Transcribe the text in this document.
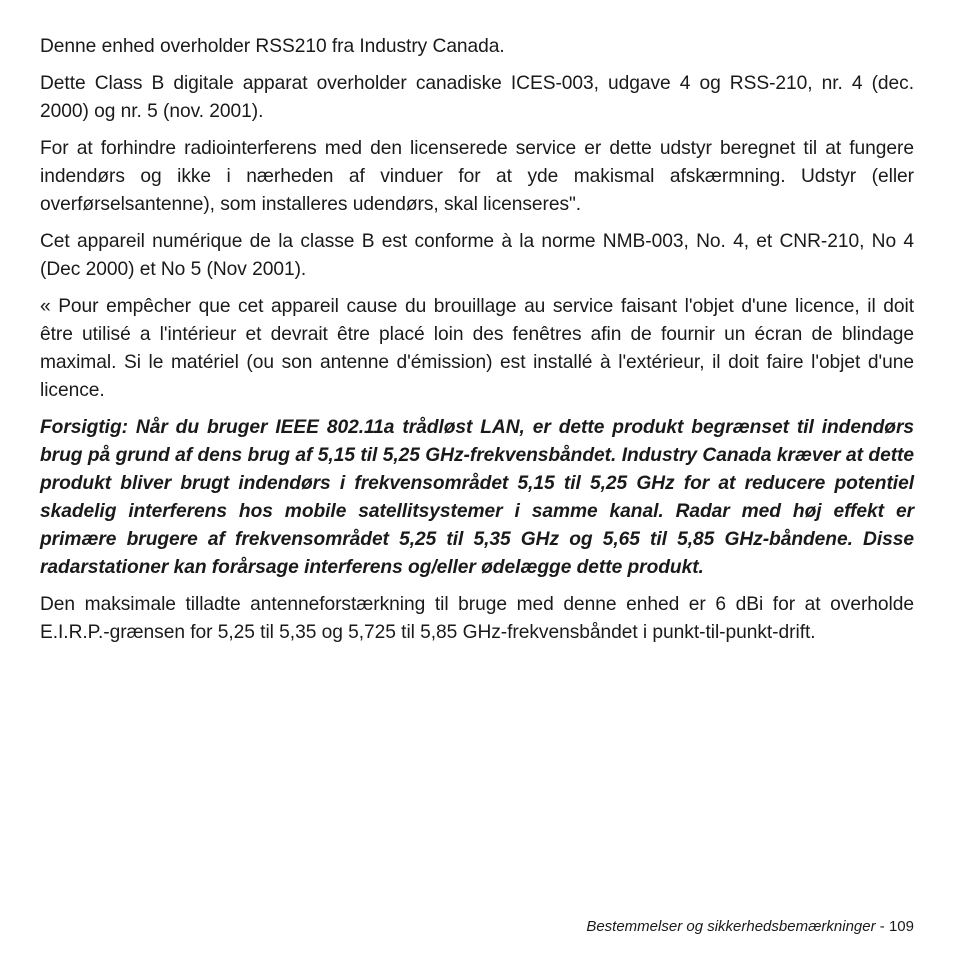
Denne enhed overholder RSS210 fra Industry Canada.

Dette Class B digitale apparat overholder canadiske ICES-003, udgave 4 og RSS-210, nr. 4 (dec. 2000) og nr. 5 (nov. 2001).

For at forhindre radiointerferens med den licenserede service er dette udstyr beregnet til at fungere indendørs og ikke i nærheden af vinduer for at yde makismal afskærmning. Udstyr (eller overførselsantenne), som installeres udendørs, skal licenseres".

Cet appareil numérique de la classe B est conforme à la norme NMB-003, No. 4, et CNR-210, No 4 (Dec 2000) et No 5 (Nov 2001).

« Pour empêcher que cet appareil cause du brouillage au service faisant l'objet d'une licence, il doit être utilisé a l'intérieur et devrait être placé loin des fenêtres afin de fournir un écran de blindage maximal. Si le matériel (ou son antenne d'émission) est installé à l'extérieur, il doit faire l'objet d'une licence.

Forsigtig: Når du bruger IEEE 802.11a trådløst LAN, er dette produkt begrænset til indendørs brug på grund af dens brug af 5,15 til 5,25 GHz-frekvensbåndet. Industry Canada kræver at dette produkt bliver brugt indendørs i frekvensområdet 5,15 til 5,25 GHz for at reducere potentiel skadelig interferens hos mobile satellitsystemer i samme kanal. Radar med høj effekt er primære brugere af frekvensområdet 5,25 til 5,35 GHz og 5,65 til 5,85 GHz-båndene. Disse radarstationer kan forårsage interferens og/eller ødelægge dette produkt.

Den maksimale tilladte antenneforstærkning til bruge med denne enhed er 6 dBi for at overholde E.I.R.P.-grænsen for 5,25 til 5,35 og 5,725 til 5,85 GHz-frekvensbåndet i punkt-til-punkt-drift.

Bestemmelser og sikkerhedsbemærkninger - 109
